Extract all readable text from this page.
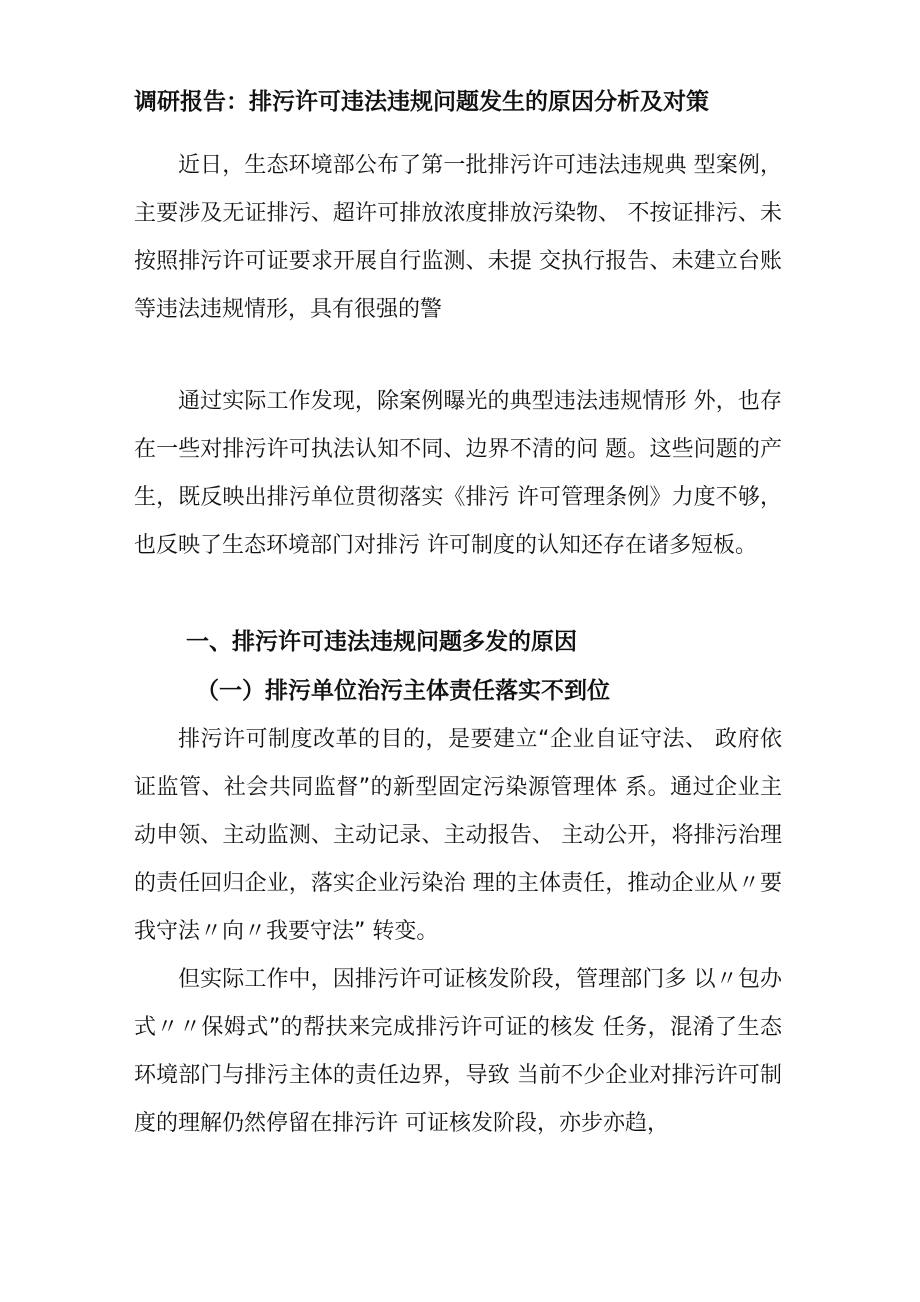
调研报告：排污许可违法违规问题发生的原因分析及对策

近日，生态环境部公布了第一批排污许可违法违规典 型案例，主要涉及无证排污、超许可排放浓度排放污染物、 不按证排污、未按照排污许可证要求开展自行监测、未提 交执行报告、未建立台账等违法违规情形，具有很强的警

通过实际工作发现，除案例曝光的典型违法违规情形 外，也存在一些对排污许可执法认知不同、边界不清的问 题。这些问题的产生，既反映出排污单位贯彻落实《排污 许可管理条例》力度不够，也反映了生态环境部门对排污 许可制度的认知还存在诸多短板。

一、排污许可违法违规问题多发的原因
（一）排污单位治污主体责任落实不到位

排污许可制度改革的目的，是要建立“企业自证守法、 政府依证监管、社会共同监督”的新型固定污染源管理体 系。通过企业主动申领、主动监测、主动记录、主动报告、 主动公开，将排污治理的责任回归企业，落实企业污染治 理的主体责任，推动企业从〃要我守法〃向〃我要守法” 转变。

但实际工作中，因排污许可证核发阶段，管理部门多 以〃包办式〃〃保姆式”的帮扶来完成排污许可证的核发 任务，混淆了生态环境部门与排污主体的责任边界，导致 当前不少企业对排污许可制度的理解仍然停留在排污许 可证核发阶段，亦步亦趋，
